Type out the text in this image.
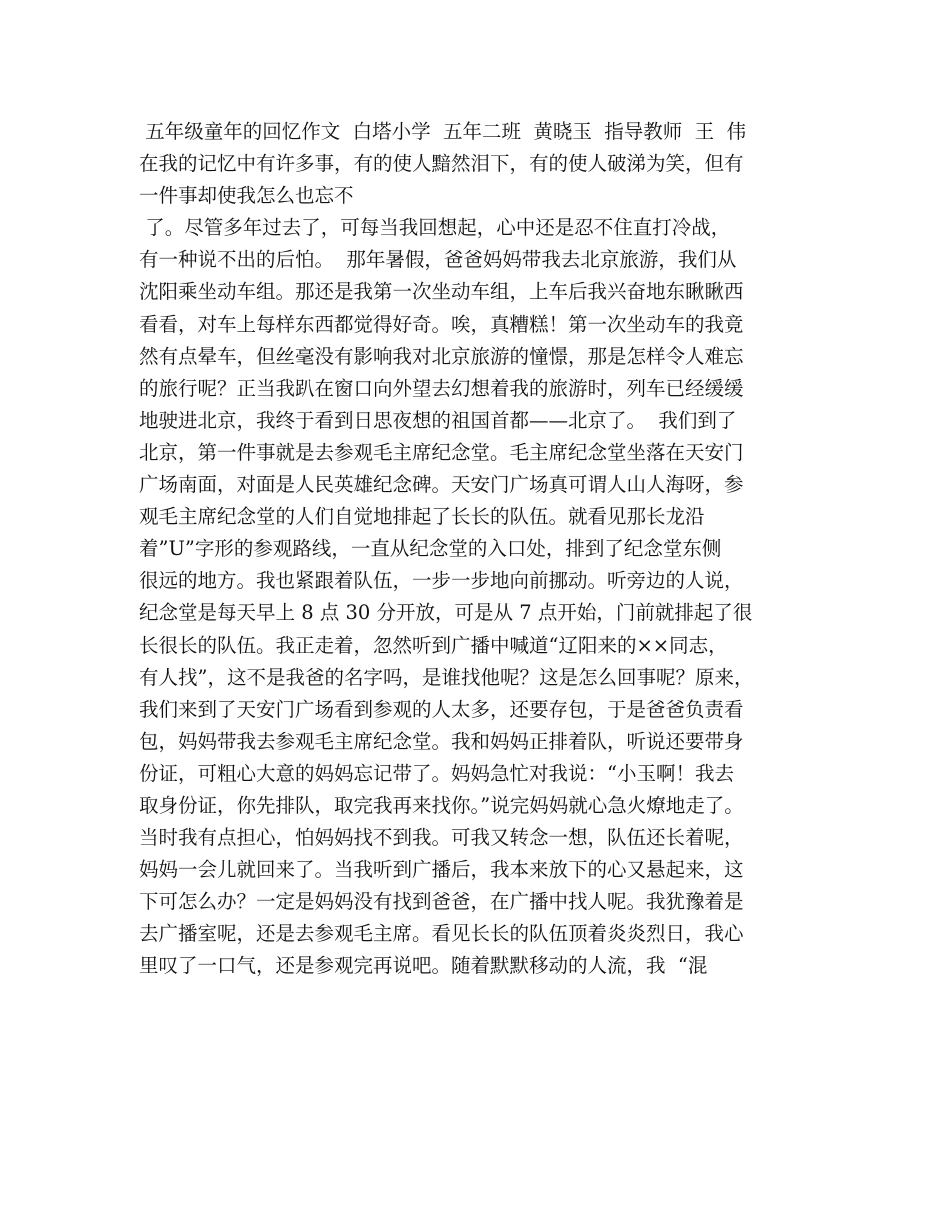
五年级童年的回忆作文  白塔小学  五年二班  黄晓玉  指导教师  王  伟
在我的记忆中有许多事，有的使人黯然泪下，有的使人破涕为笑，但有
一件事却使我怎么也忘不
了。尽管多年过去了，可每当我回想起，心中还是忍不住直打冷战，
有一种说不出的后怕。  那年暑假，爸爸妈妈带我去北京旅游，我们从
沈阳乘坐动车组。那还是我第一次坐动车组，上车后我兴奋地东瞅瞅西
看看，对车上每样东西都觉得好奇。唉，真糟糕！第一次坐动车的我竟
然有点晕车，但丝毫没有影响我对北京旅游的憧憬，那是怎样令人难忘
的旅行呢？正当我趴在窗口向外望去幻想着我的旅游时，列车已经缓缓
地驶进北京，我终于看到日思夜想的祖国首都——北京了。  我们到了
北京，第一件事就是去参观毛主席纪念堂。毛主席纪念堂坐落在天安门
广场南面，对面是人民英雄纪念碑。天安门广场真可谓人山人海呀，参
观毛主席纪念堂的人们自觉地排起了长长的队伍。就看见那长龙沿
着”U”字形的参观路线，一直从纪念堂的入口处，排到了纪念堂东侧
很远的地方。我也紧跟着队伍，一步一步地向前挪动。听旁边的人说，
纪念堂是每天早上 8 点 30 分开放，可是从 7 点开始，门前就排起了很
长很长的队伍。我正走着，忽然听到广播中喊道“辽阳来的××同志，
有人找”，这不是我爸的名字吗，是谁找他呢？这是怎么回事呢？原来，
我们来到了天安门广场看到参观的人太多，还要存包，于是爸爸负责看
包，妈妈带我去参观毛主席纪念堂。我和妈妈正排着队，听说还要带身
份证，可粗心大意的妈妈忘记带了。妈妈急忙对我说：“小玉啊！我去
取身份证，你先排队，取完我再来找你。”说完妈妈就心急火燎地走了。
当时我有点担心，怕妈妈找不到我。可我又转念一想，队伍还长着呢，
妈妈一会儿就回来了。当我听到广播后，我本来放下的心又悬起来，这
下可怎么办？一定是妈妈没有找到爸爸，在广播中找人呢。我犹豫着是
去广播室呢，还是去参观毛主席。看见长长的队伍顶着炎炎烈日，我心
里叹了一口气，还是参观完再说吧。随着默默移动的人流，我  “混
